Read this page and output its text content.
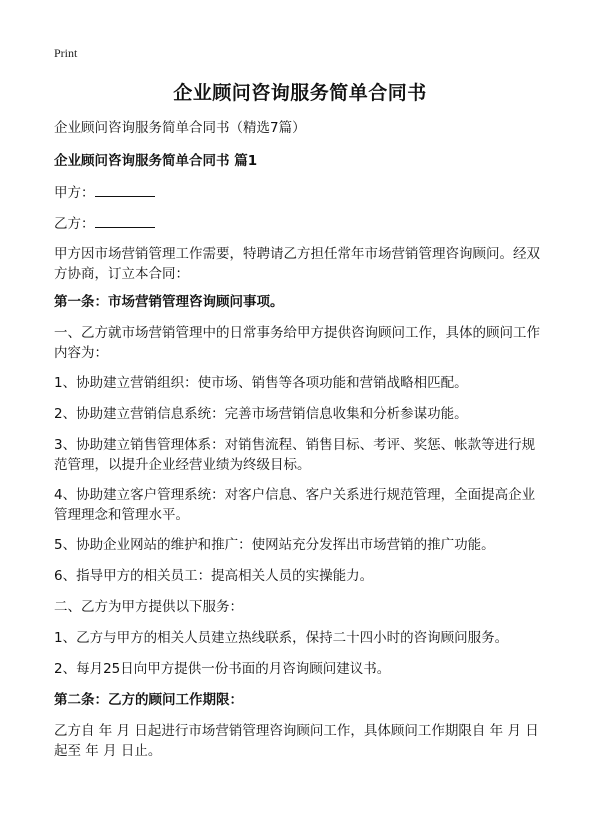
Print
企业顾问咨询服务简单合同书

企业顾问咨询服务简单合同书（精选7篇）

企业顾问咨询服务简单合同书 篇1

甲方：

乙方：

甲方因市场营销管理工作需要，特聘请乙方担任常年市场营销管理咨询顾问。经双方协商，订立本合同：

第一条：市场营销管理咨询顾问事项。

一、乙方就市场营销管理中的日常事务给甲方提供咨询顾问工作，具体的顾问工作内容为：

1、协助建立营销组织：使市场、销售等各项功能和营销战略相匹配。

2、协助建立营销信息系统：完善市场营销信息收集和分析参谋功能。

3、协助建立销售管理体系：对销售流程、销售目标、考评、奖惩、帐款等进行规范管理，以提升企业经营业绩为终级目标。

4、协助建立客户管理系统：对客户信息、客户关系进行规范管理，全面提高企业管理理念和管理水平。

5、协助企业网站的维护和推广：使网站充分发挥出市场营销的推广功能。

6、指导甲方的相关员工：提高相关人员的实操能力。

二、乙方为甲方提供以下服务：

1、乙方与甲方的相关人员建立热线联系，保持二十四小时的咨询顾问服务。

2、每月25日向甲方提供一份书面的月咨询顾问建议书。

第二条：乙方的顾问工作期限：

乙方自 年 月 日起进行市场营销管理咨询顾问工作，具体顾问工作期限自 年 月 日起至 年 月 日止。
